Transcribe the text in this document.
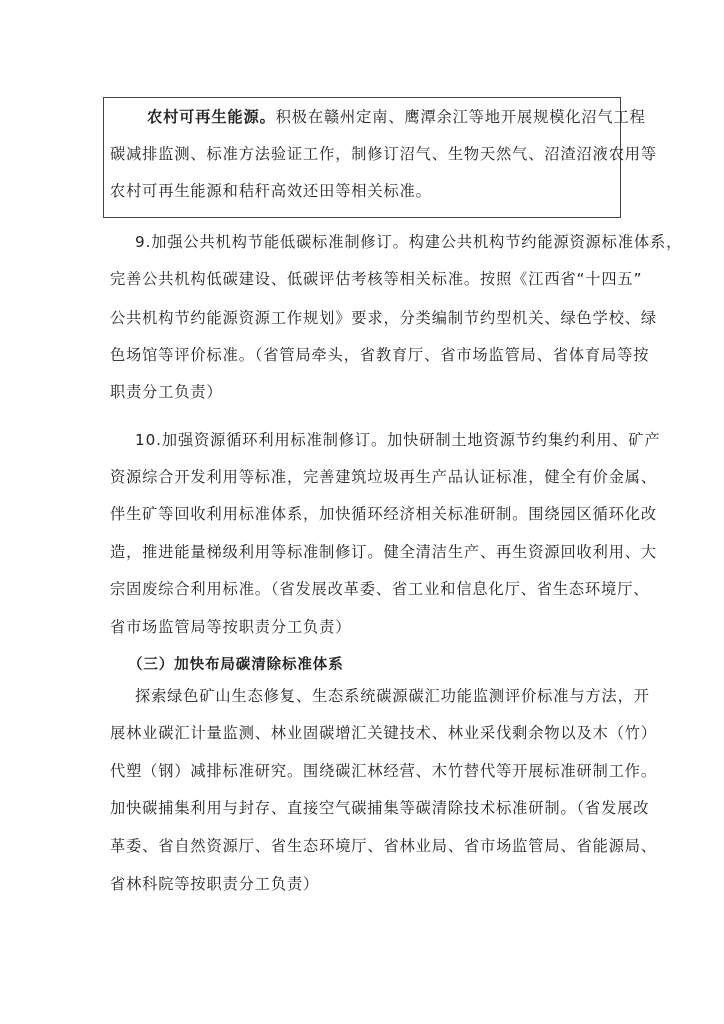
农村可再生能源。积极在赣州定南、鹰潭余江等地开展规模化沼气工程
碳减排监测、标准方法验证工作，制修订沼气、生物天然气、沼渣沼液农用等
农村可再生能源和秸秆高效还田等相关标准。
9.加强公共机构节能低碳标准制修订。构建公共机构节约能源资源标准体系，
完善公共机构低碳建设、低碳评估考核等相关标准。按照《江西省“十四五”
公共机构节约能源资源工作规划》要求，分类编制节约型机关、绿色学校、绿
色场馆等评价标准。（省管局牵头，省教育厅、省市场监管局、省体育局等按
职责分工负责）
10.加强资源循环利用标准制修订。加快研制土地资源节约集约利用、矿产
资源综合开发利用等标准，完善建筑垃圾再生产品认证标准，健全有价金属、
伴生矿等回收利用标准体系，加快循环经济相关标准研制。围绕园区循环化改
造，推进能量梯级利用等标准制修订。健全清洁生产、再生资源回收利用、大
宗固废综合利用标准。（省发展改革委、省工业和信息化厅、省生态环境厅、
省市场监管局等按职责分工负责）
（三）加快布局碳清除标准体系
探索绿色矿山生态修复、生态系统碳源碳汇功能监测评价标准与方法，开
展林业碳汇计量监测、林业固碳增汇关键技术、林业采伐剩余物以及木（竹）
代塑（钢）减排标准研究。围绕碳汇林经营、木竹替代等开展标准研制工作。
加快碳捕集利用与封存、直接空气碳捕集等碳清除技术标准研制。（省发展改
革委、省自然资源厅、省生态环境厅、省林业局、省市场监管局、省能源局、
省林科院等按职责分工负责）
